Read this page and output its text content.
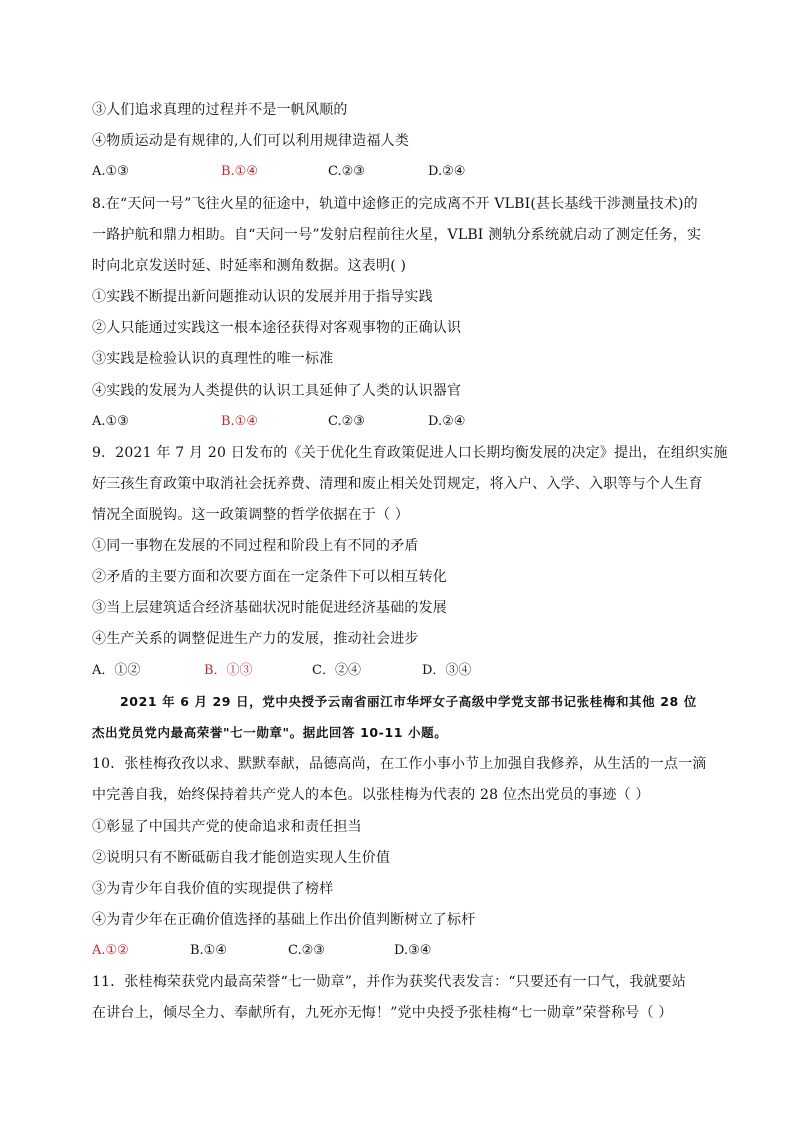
③人们追求真理的过程并不是一帆风顺的
④物质运动是有规律的,人们可以利用规律造福人类
A.①③	B.①④	C.②③	D.②④
8.在“天问一号”飞往火星的征途中，轨道中途修正的完成离不开 VLBI(甚长基线干涉测量技术)的
一路护航和鼎力相助。自“天问一号”发射启程前往火星，VLBI 测轨分系统就启动了测定任务，实
时向北京发送时延、时延率和测角数据。这表明( )
①实践不断提出新问题推动认识的发展并用于指导实践
②人只能通过实践这一根本途径获得对客观事物的正确认识
③实践是检验认识的真理性的唯一标准
④实践的发展为人类提供的认识工具延伸了人类的认识器官
A.①③	B.①④	C.②③	D.②④
9．2021 年 7 月 20 日发布的《关于优化生育政策促进人口长期均衡发展的决定》提出，在组织实施
好三孩生育政策中取消社会抚养费、清理和废止相关处罚规定，将入户、入学、入职等与个人生育
情况全面脱钩。这一政策调整的哲学依据在于（ ）
①同一事物在发展的不同过程和阶段上有不同的矛盾
②矛盾的主要方面和次要方面在一定条件下可以相互转化
③当上层建筑适合经济基础状况时能促进经济基础的发展
④生产关系的调整促进生产力的发展，推动社会进步
A．①②	B．①③	C．②④	D．③④
2021 年 6 月 29 日，党中央授予云南省丽江市华坪女子高级中学党支部书记张桂梅和其他 28 位
杰出党员党内最高荣誉"七一勋章"。据此回答 10-11 小题。
10．张桂梅孜孜以求、默默奉献，品德高尚，在工作小事小节上加强自我修养，从生活的一点一滴
中完善自我，始终保持着共产党人的本色。以张桂梅为代表的 28 位杰出党员的事迹（ ）
①彰显了中国共产党的使命追求和责任担当
②说明只有不断砥砺自我才能创造实现人生价值
③为青少年自我价值的实现提供了榜样
④为青少年在正确价值选择的基础上作出价值判断树立了标杆
A.①②	B.①④	C.②③	D.③④
11．张桂梅荣获党内最高荣誉“七一勋章”，并作为获奖代表发言：“只要还有一口气，我就要站
在讲台上，倾尽全力、奉献所有，九死亦无悔！”党中央授予张桂梅“七一勋章”荣誉称号（ ）
